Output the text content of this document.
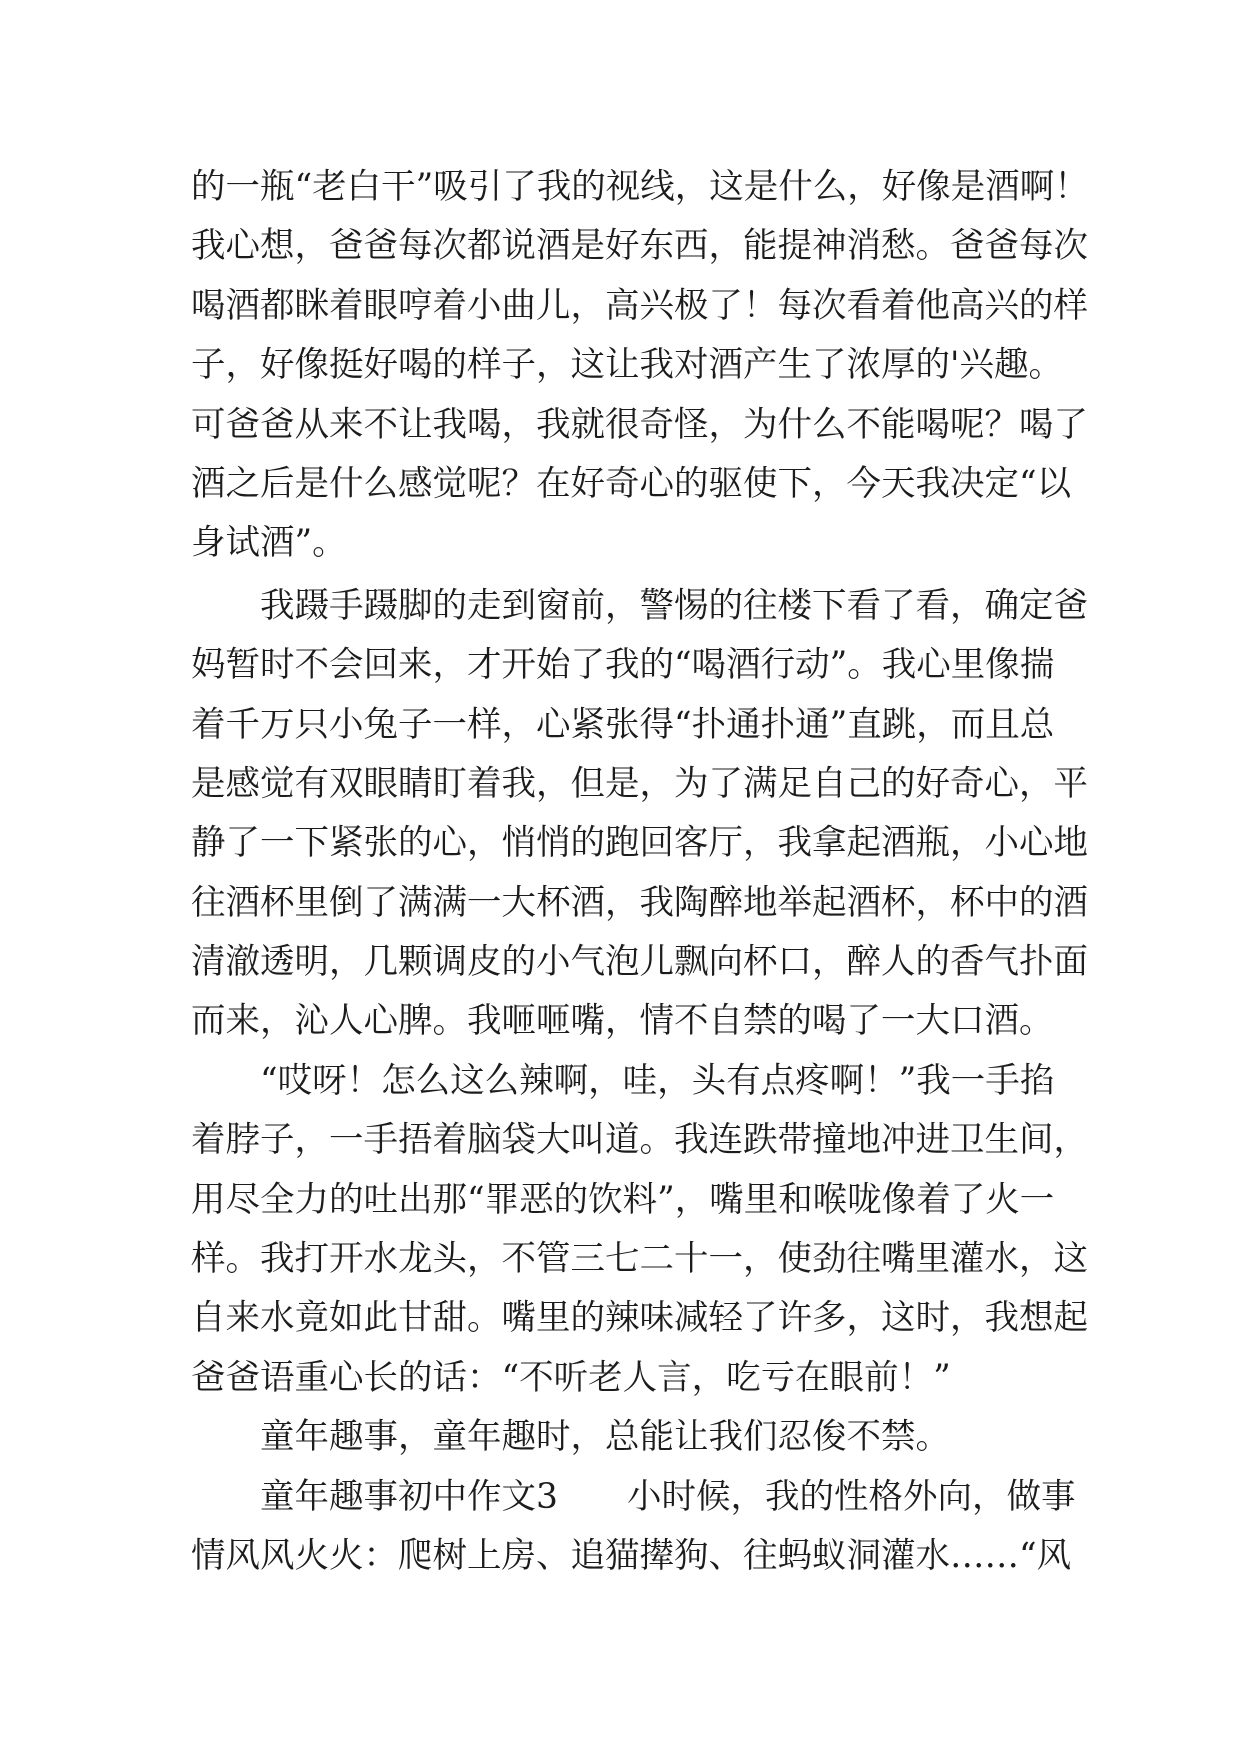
的一瓶“老白干”吸引了我的视线，这是什么，好像是酒啊！
我心想，爸爸每次都说酒是好东西，能提神消愁。爸爸每次
喝酒都眯着眼哼着小曲儿，高兴极了！每次看着他高兴的样
子，好像挺好喝的样子，这让我对酒产生了浓厚的'兴趣。
可爸爸从来不让我喝，我就很奇怪，为什么不能喝呢？喝了
酒之后是什么感觉呢？在好奇心的驱使下，今天我决定“以
身试酒”。
我蹑手蹑脚的走到窗前，警惕的往楼下看了看，确定爸
妈暂时不会回来，才开始了我的“喝酒行动”。我心里像揣
着千万只小兔子一样，心紧张得“扑通扑通”直跳，而且总
是感觉有双眼睛盯着我，但是，为了满足自己的好奇心，平
静了一下紧张的心，悄悄的跑回客厅，我拿起酒瓶，小心地
往酒杯里倒了满满一大杯酒，我陶醉地举起酒杯，杯中的酒
清澈透明，几颗调皮的小气泡儿飘向杯口，醉人的香气扑面
而来，沁人心脾。我咂咂嘴，情不自禁的喝了一大口酒。
“哎呀！怎么这么辣啊，哇，头有点疼啊！”我一手掐
着脖子，一手捂着脑袋大叫道。我连跌带撞地冲进卫生间，
用尽全力的吐出那“罪恶的饮料”，嘴里和喉咙像着了火一
样。我打开水龙头，不管三七二十一，使劲往嘴里灌水，这
自来水竟如此甘甜。嘴里的辣味减轻了许多，这时，我想起
爸爸语重心长的话：“不听老人言，吃亏在眼前！”
童年趣事，童年趣时，总能让我们忍俊不禁。
童年趣事初中作文3　　小时候，我的性格外向，做事
情风风火火：爬树上房、追猫撵狗、往蚂蚁洞灌水……“风
